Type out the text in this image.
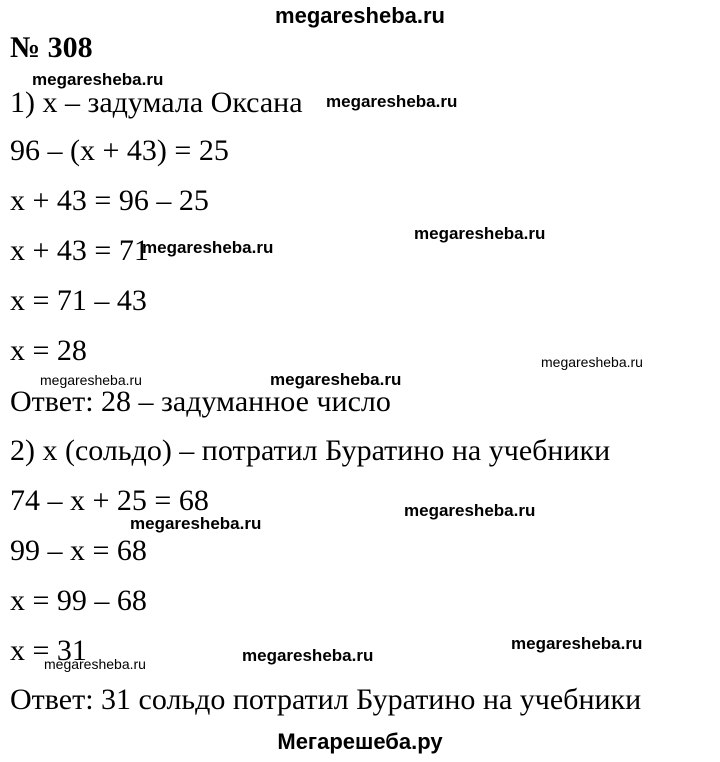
megaresheba.ru
№ 308
1) x – задумала Оксана
96 – (x + 43) = 25
x + 43 = 96 – 25
x + 43 = 71
x = 71 – 43
x = 28
Ответ: 28 – задуманное число
2) x (сольдо) – потратил Буратино на учебники
74 – x + 25 = 68
99 – x = 68
x = 99 – 68
x = 31
Ответ: 31 сольдо потратил Буратино на учебники
megaresheba.ru
megaresheba.ru
megaresheba.ru
megaresheba.ru
megaresheba.ru
megaresheba.ru	megaresheba.ru
megaresheba.ru
megaresheba.ru
megaresheba.ru
megaresheba.ru
megaresheba.ru
Мегарешеба.ру
